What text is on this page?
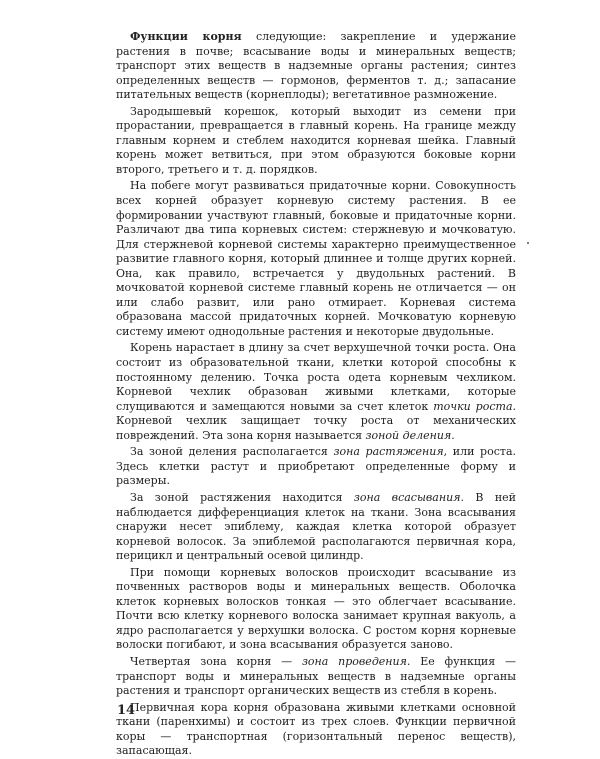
Функции корня следующие: закрепление и удержание растения в почве; всасывание воды и минеральных веществ; транспорт этих веществ в надземные органы растения; синтез определенных веществ — гормонов, ферментов т. д.; запасание питательных веществ (корнеплоды); вегетативное размножение.

Зародышевый корешок, который выходит из семени при прорастании, превращается в главный корень. На границе между главным корнем и стеблем находится корневая шейка. Главный корень может ветвиться, при этом образуются боковые корни второго, третьего и т. д. порядков.

На побеге могут развиваться придаточные корни. Совокупность всех корней образует корневую систему растения. В ее формировании участвуют главный, боковые и придаточные корни. Различают два типа корневых систем: стержневую и мочковатую. Для стержневой корневой системы характерно преимущественное развитие главного корня, который длиннее и толще других корней. Она, как правило, встречается у двудольных растений. В мочковатой корневой системе главный корень не отличается — он или слабо развит, или рано отмирает. Корневая система образована массой придаточных корней. Мочковатую корневую систему имеют однодольные растения и некоторые двудольные.

Корень нарастает в длину за счет верхушечной точки роста. Она состоит из образовательной ткани, клетки которой способны к постоянному делению. Точка роста одета корневым чехликом. Корневой чехлик образован живыми клетками, которые слущиваются и замещаются новыми за счет клеток точки роста. Корневой чехлик защищает точку роста от механических повреждений. Эта зона корня называется зоной деления.

За зоной деления располагается зона растяжения, или роста. Здесь клетки растут и приобретают определенные форму и размеры.

За зоной растяжения находится зона всасывания. В ней наблюдается дифференциация клеток на ткани. Зона всасывания снаружи несет эпиблему, каждая клетка которой образует корневой волосок. За эпиблемой располагаются первичная кора, перицикл и центральный осевой цилиндр.

При помощи корневых волосков происходит всасывание из почвенных растворов воды и минеральных веществ. Оболочка клеток корневых волосков тонкая — это облегчает всасывание. Почти всю клетку корневого волоска занимает крупная вакуоль, а ядро располагается у верхушки волоска. С ростом корня корневые волоски погибают, и зона всасывания образуется заново.

Четвертая зона корня — зона проведения. Ее функция — транспорт воды и минеральных веществ в надземные органы растения и транспорт органических веществ из стебля в корень.

Первичная кора корня образована живыми клетками основной ткани (паренхимы) и состоит из трех слоев. Функции первичной коры — транспортная (горизонтальный перенос веществ), запасающая.

14
